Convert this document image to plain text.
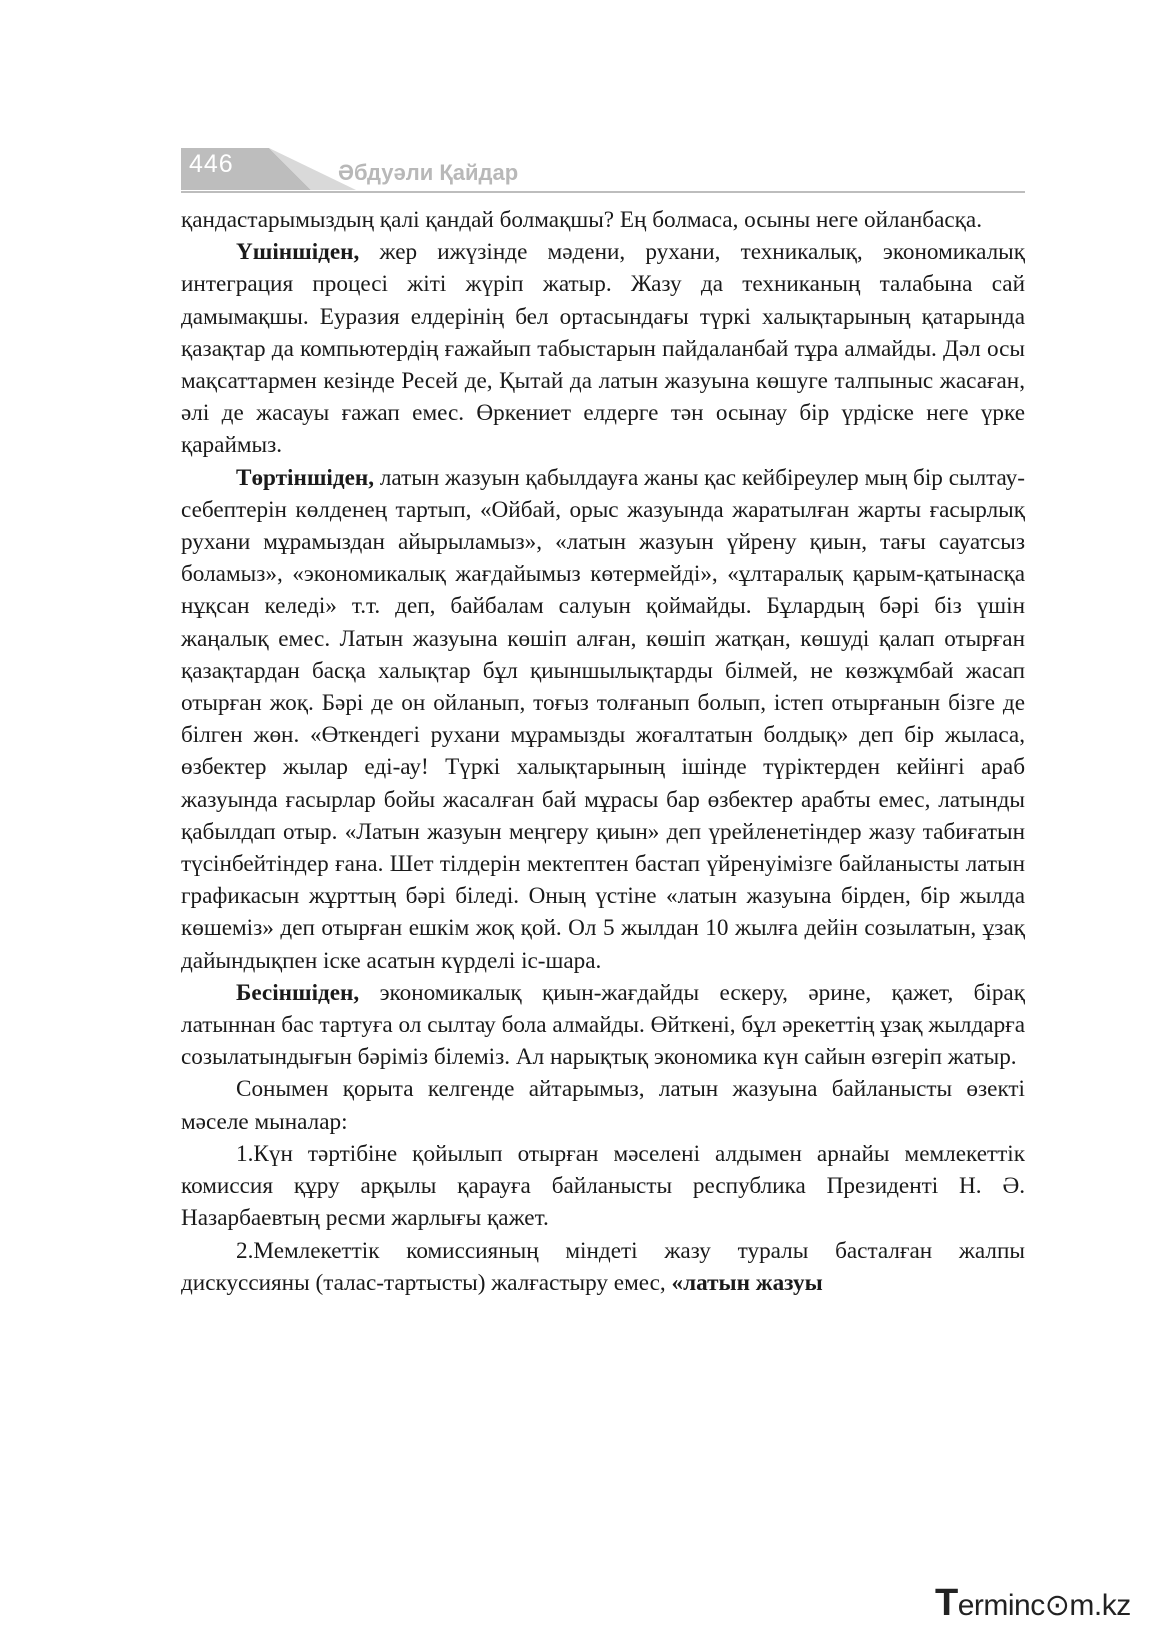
446	Әбдуәли Қайдар

қандастарымыздың қалі қандай болмақшы? Ең болмаса, осыны неге ойланбасқа.

Үшіншіден, жер ижүзінде мәдени, рухани, техникалық, экономикалық интеграция процесі жіті жүріп жатыр. Жазу да техниканың талабына сай дамымақшы. Еуразия елдерінің бел ортасындағы түркі халықтарының қатарында қазақтар да компьютердің ғажайып табыстарын пайдаланбай тұра алмайды. Дәл осы мақсаттармен кезінде Ресей де, Қытай да латын жазуына көшуге талпыныс жасаған, әлі де жасауы ғажап емес. Өркениет елдерге тән осынау бір үрдіске неге үрке қараймыз.

Төртіншіден, латын жазуын қабылдауға жаны қас кейбіреулер мың бір сылтау-себептерін көлденең тартып, «Ойбай, орыс жазуында жаратылған жарты ғасырлық рухани мұрамыздан айырыламыз», «латын жазуын үйрену қиын, тағы сауатсыз боламыз», «экономикалық жағдайымыз көтермейді», «ұлтаралық қарым-қатынасқа нұқсан келеді» т.т. деп, байбалам салуын қоймайды. Бұлардың бәрі біз үшін жаңалық емес. Латын жазуына көшіп алған, көшіп жатқан, көшуді қалап отырған қазақтардан басқа халықтар бұл қиыншылықтарды білмей, не көзжұмбай жасап отырған жоқ. Бәрі де он ойланып, тоғыз толғанып болып, істеп отырғанын бізге де білген жөн. «Өткендегі рухани мұрамызды жоғалтатын болдық» деп бір жыласа, өзбектер жылар еді-ау! Түркі халықтарының ішінде түріктерден кейінгі араб жазуында ғасырлар бойы жасалған бай мұрасы бар өзбектер арабты емес, латынды қабылдап отыр. «Латын жазуын меңгеру қиын» деп үрейленетіндер жазу табиғатын түсінбейтіндер ғана. Шет тілдерін мектептен бастап үйренуімізге байланысты латын графикасын жұрттың бәрі біледі. Оның үстіне «латын жазуына бірден, бір жылда көшеміз» деп отырған ешкім жоқ қой. Ол 5 жылдан 10 жылға дейін созылатын, ұзақ дайындықпен іске асатын күрделі іс-шара.

Бесіншіден, экономикалық қиын-жағдайды ескеру, әрине, қажет, бірақ латыннан бас тартуға ол сылтау бола алмайды. Өйткені, бұл әрекеттің ұзақ жылдарға созылатындығын бәріміз білеміз. Ал нарықтық экономика күн сайын өзгеріп жатыр.

Сонымен қорыта келгенде айтарымыз, латын жазуына байланысты өзекті мәселе мыналар:

1.Күн тәртібіне қойылып отырған мәселені алдымен арнайы мемлекеттік комиссия құру арқылы қарауға байланысты республика Президенті Н. Ә. Назарбаевтың ресми жарлығы қажет.

2.Мемлекеттік комиссияның міндеті жазу туралы басталған жалпы дискуссияны (талас-тартысты) жалғастыру емес, «латын жазуы

Terminc⊙m.kz
